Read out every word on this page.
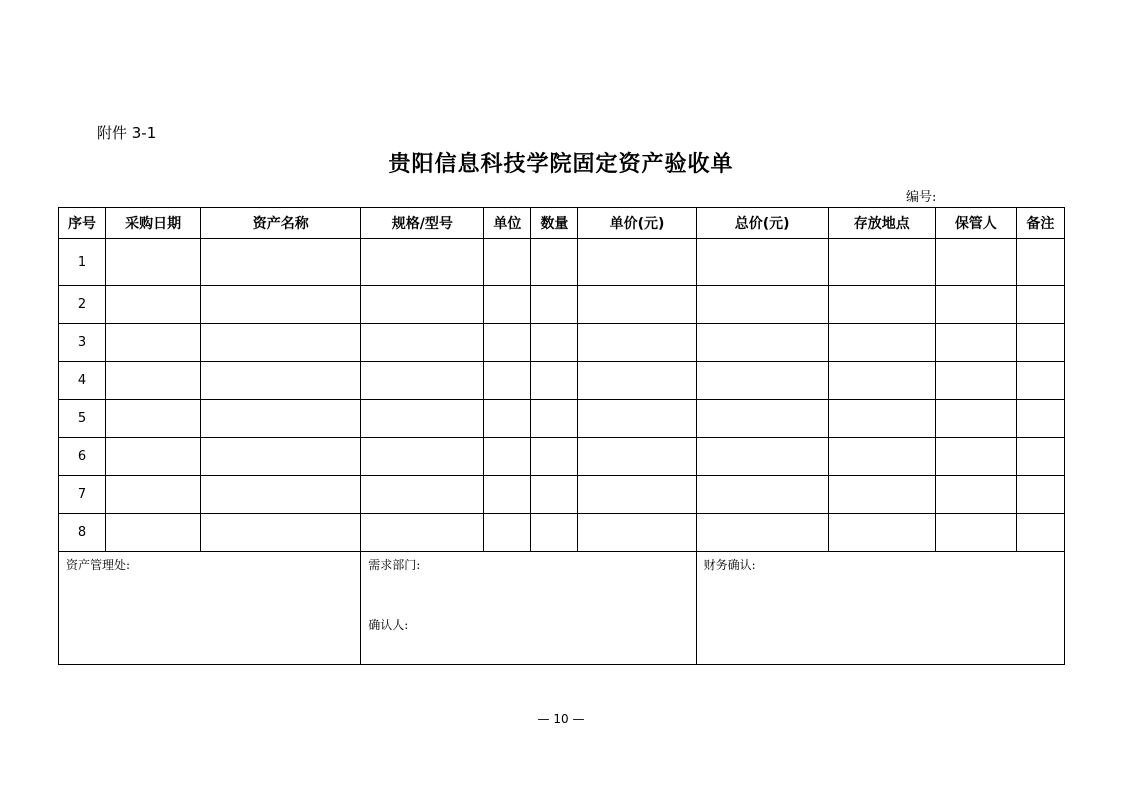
附件 3-1
贵阳信息科技学院固定资产验收单
编号:
序号	采购日期	资产名称	规格/型号	单位	数量	单价(元)	总价(元)	存放地点	保管人	备注
1										
2										
3										
4										
5										
6										
7										
8										

资产管理处:			需求部门:
确认人:				财务确认:			
— 10 —
